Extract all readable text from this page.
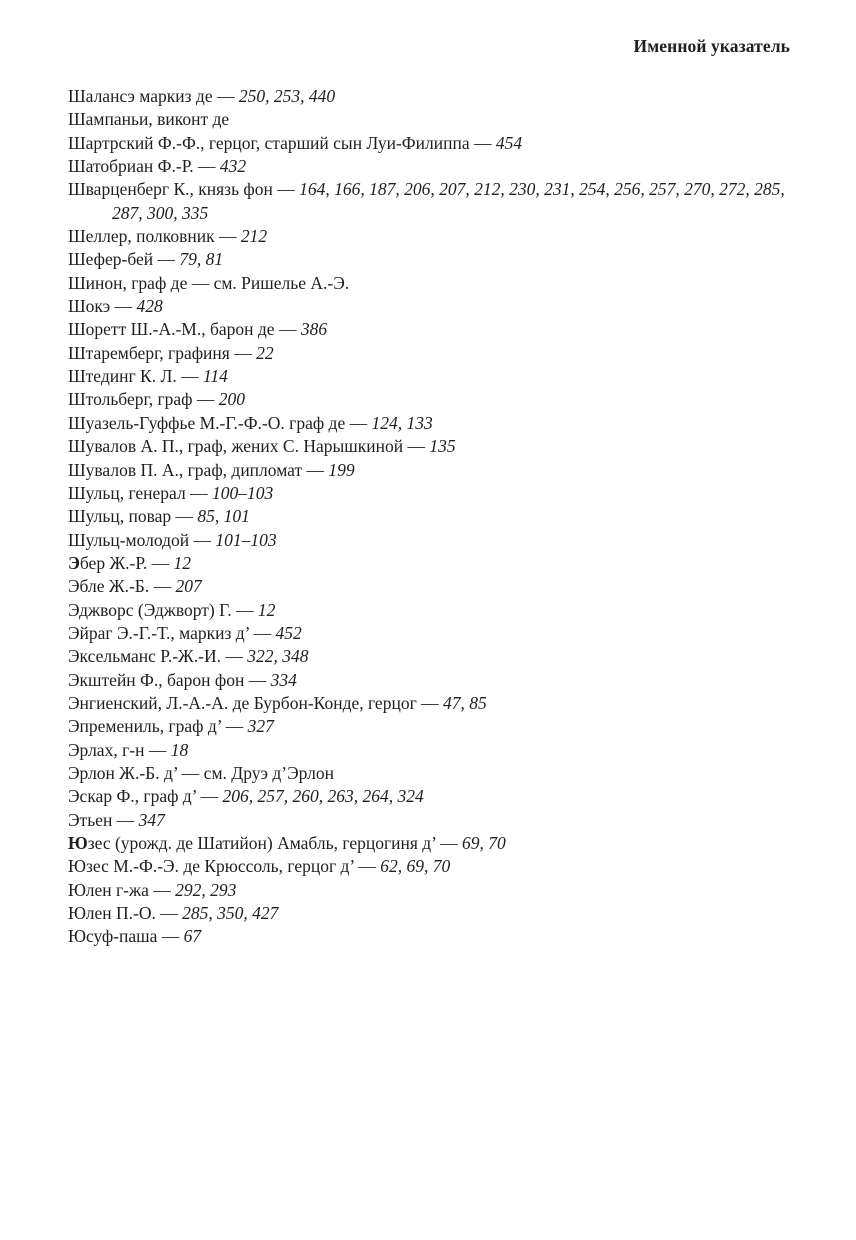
Именной указатель
Шалансэ маркиз де — 250, 253, 440
Шампаньи, виконт де
Шартрский Ф.-Ф., герцог, старший сын Луи-Филиппа — 454
Шатобриан Ф.-Р. — 432
Шварценберг К., князь фон — 164, 166, 187, 206, 207, 212, 230, 231, 254, 256, 257, 270, 272, 285, 287, 300, 335
Шеллер, полковник — 212
Шефер-бей — 79, 81
Шинон, граф де — см. Ришелье А.-Э.
Шокэ — 428
Шоретт Ш.-А.-М., барон де — 386
Штаремберг, графиня — 22
Штединг К. Л. — 114
Штольберг, граф — 200
Шуазель-Гуффье М.-Г.-Ф.-О. граф де — 124, 133
Шувалов А. П., граф, жених С. Нарышкиной — 135
Шувалов П. А., граф, дипломат — 199
Шульц, генерал — 100–103
Шульц, повар — 85, 101
Шульц-молодой — 101–103
Эбер Ж.-Р. — 12
Эбле Ж.-Б. — 207
Эджворс (Эджворт) Г. — 12
Эйраг Э.-Г.-Т., маркиз д’ — 452
Эксельманс Р.-Ж.-И. — 322, 348
Экштейн Ф., барон фон — 334
Энгиенский, Л.-А.-А. де Бурбон-Конде, герцог — 47, 85
Эпремениль, граф д’ — 327
Эрлах, г-н — 18
Эрлон Ж.-Б. д’ — см. Друэ д’Эрлон
Эскар Ф., граф д’ — 206, 257, 260, 263, 264, 324
Этьен — 347
Юзес (урожд. де Шатийон) Амабль, герцогиня д’ — 69, 70
Юзес М.-Ф.-Э. де Крюссоль, герцог д’ — 62, 69, 70
Юлен г-жа — 292, 293
Юлен П.-О. — 285, 350, 427
Юсуф-паша — 67
